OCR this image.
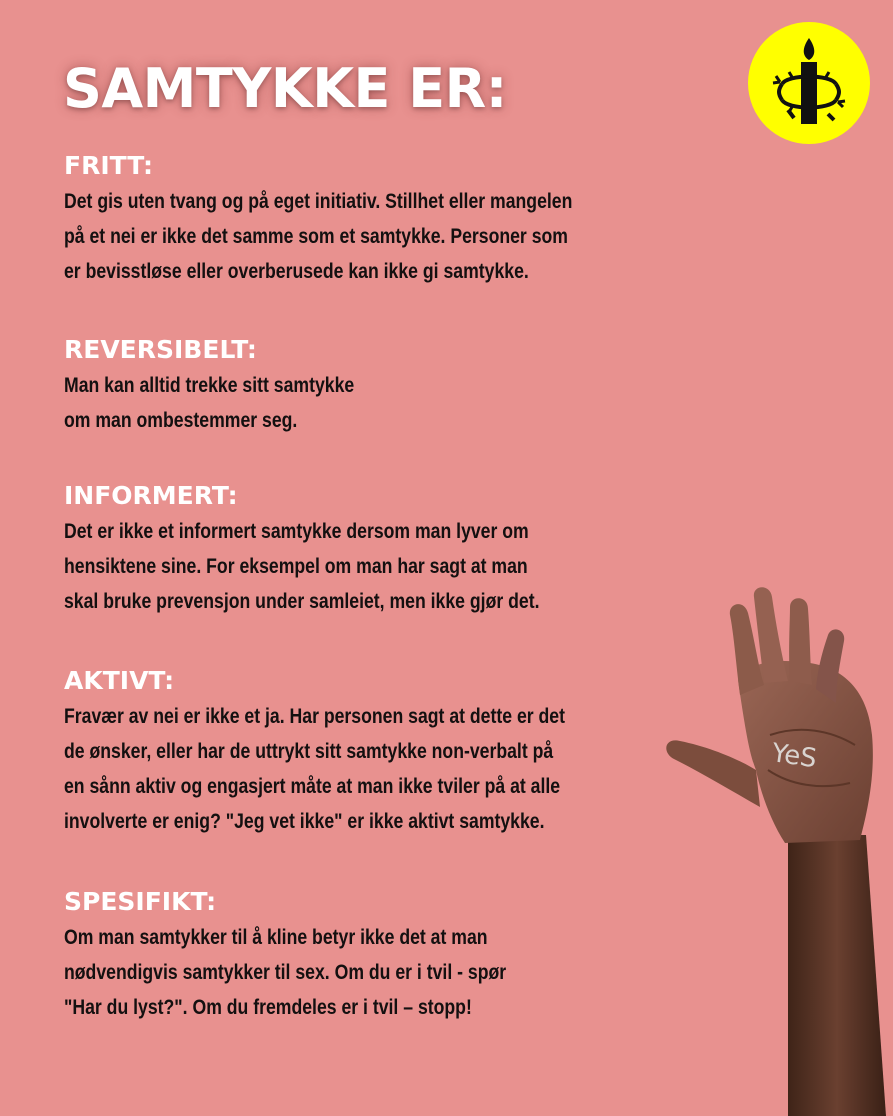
SAMTYKKE ER:
FRITT:
Det gis uten tvang og på eget initiativ. Stillhet eller mangelen
på et nei er ikke det samme som et samtykke. Personer som
er bevisstløse eller overberusede kan ikke gi samtykke.
REVERSIBELT:
Man kan alltid trekke sitt samtykke
om man ombestemmer seg.
INFORMERT:
Det er ikke et informert samtykke dersom man lyver om
hensiktene sine. For eksempel om man har sagt at man
skal bruke prevensjon under samleiet, men ikke gjør det.
AKTIVT:
Fravær av nei er ikke et ja. Har personen sagt at dette er det
de ønsker, eller har de uttrykt sitt samtykke non-verbalt på
en sånn aktiv og engasjert måte at man ikke tviler på at alle
involverte er enig? "Jeg vet ikke" er ikke aktivt samtykke.
SPESIFIKT:
Om man samtykker til å kline betyr ikke det at man
nødvendigvis samtykker til sex. Om du er i tvil - spør
"Har du lyst?". Om du fremdeles er i tvil – stopp!
YeS
